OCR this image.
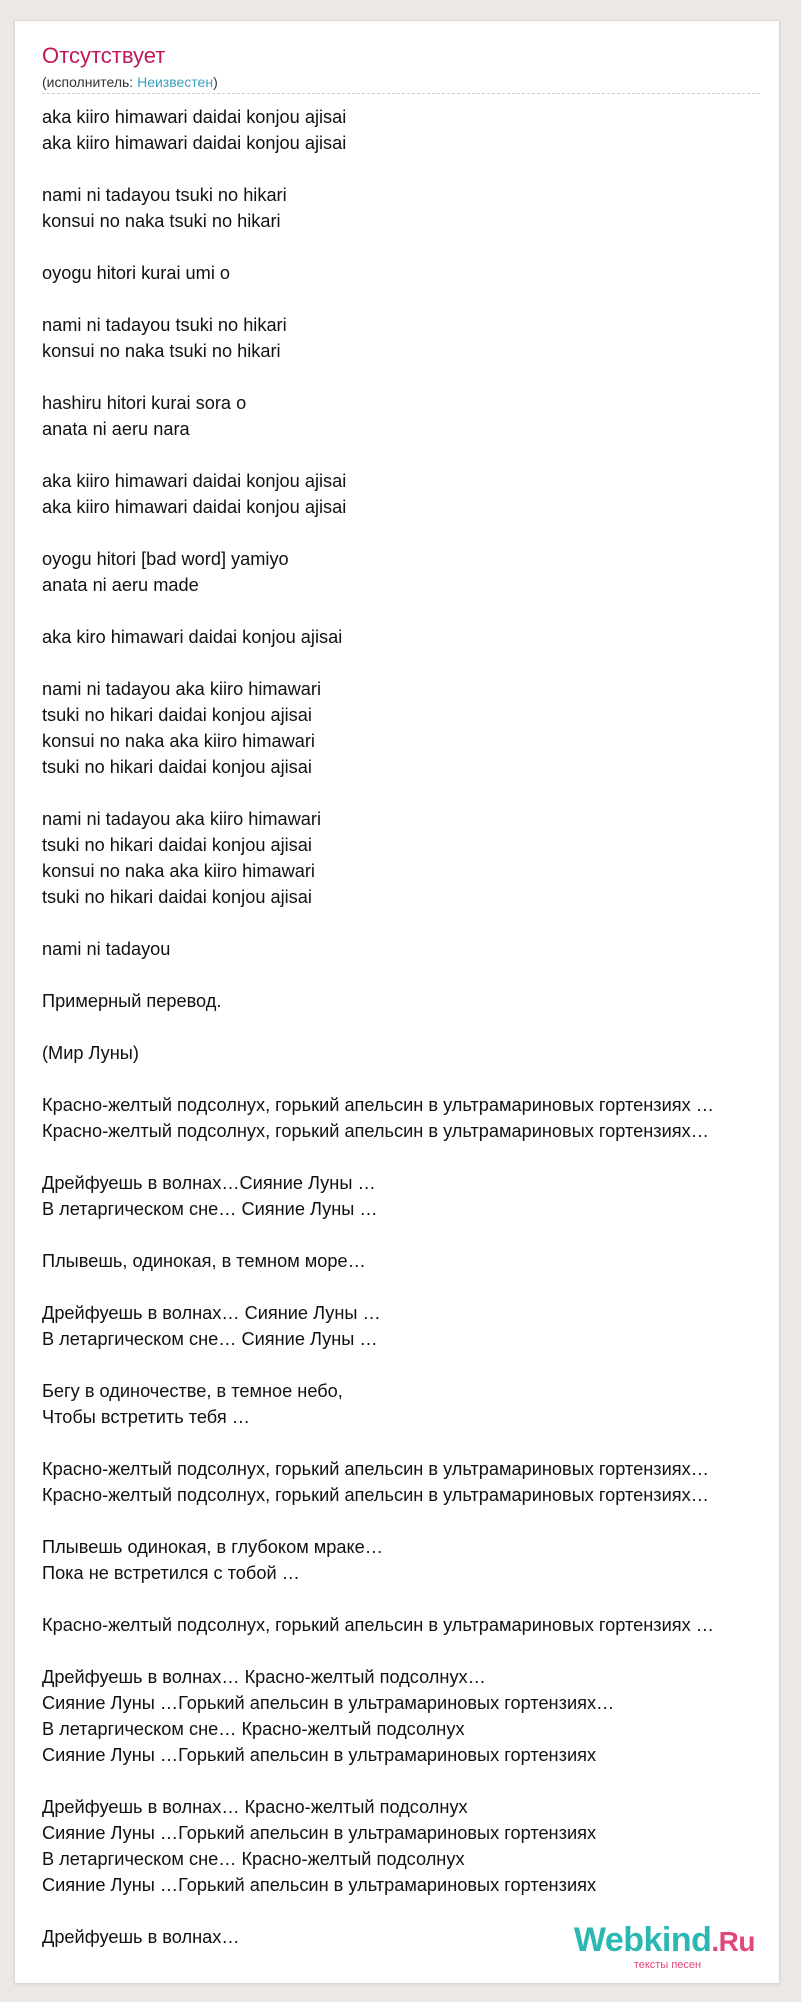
Отсутствует
(исполнитель: Неизвестен)
aka kiiro himawari daidai konjou ajisai
aka kiiro himawari daidai konjou ajisai
nami ni tadayou tsuki no hikari
konsui no naka tsuki no hikari
oyogu hitori kurai umi o
nami ni tadayou tsuki no hikari
konsui no naka tsuki no hikari
hashiru hitori kurai sora o
anata ni aeru nara
aka kiiro himawari daidai konjou ajisai
aka kiiro himawari daidai konjou ajisai
oyogu hitori [bad word] yamiyo
anata ni aeru made
aka kiro himawari daidai konjou ajisai
nami ni tadayou aka kiiro himawari
tsuki no hikari daidai konjou ajisai
konsui no naka aka kiiro himawari
tsuki no hikari daidai konjou ajisai
nami ni tadayou aka kiiro himawari
tsuki no hikari daidai konjou ajisai
konsui no naka aka kiiro himawari
tsuki no hikari daidai konjou ajisai
nami ni tadayou
Примерный перевод.
(Мир Луны)
Красно-желтый подсолнух, горький апельсин в ультрамариновых гортензиях …
Красно-желтый подсолнух, горький апельсин в ультрамариновых гортензиях…
Дрейфуешь в волнах…Сияние Луны …
В летаргическом сне… Сияние Луны …
Плывешь, одинокая, в темном море…
Дрейфуешь в волнах… Сияние Луны …
В летаргическом сне… Сияние Луны …
Бегу в одиночестве, в темное небо,
Чтобы встретить тебя …
Красно-желтый подсолнух, горький апельсин в ультрамариновых гортензиях…
Красно-желтый подсолнух, горький апельсин в ультрамариновых гортензиях…
Плывешь одинокая, в глубоком мраке…
Пока не встретился с тобой …
Красно-желтый подсолнух, горький апельсин в ультрамариновых гортензиях …
Дрейфуешь в волнах… Красно-желтый подсолнух…
Сияние Луны …Горький апельсин в ультрамариновых гортензиях…
В летаргическом сне… Красно-желтый подсолнух
Сияние Луны …Горький апельсин в ультрамариновых гортензиях
Дрейфуешь в волнах… Красно-желтый подсолнух
Сияние Луны …Горький апельсин в ультрамариновых гортензиях
В летаргическом сне… Красно-желтый подсолнух
Сияние Луны …Горький апельсин в ультрамариновых гортензиях
Дрейфуешь в волнах…	Webkind.Ru
тексты песен
